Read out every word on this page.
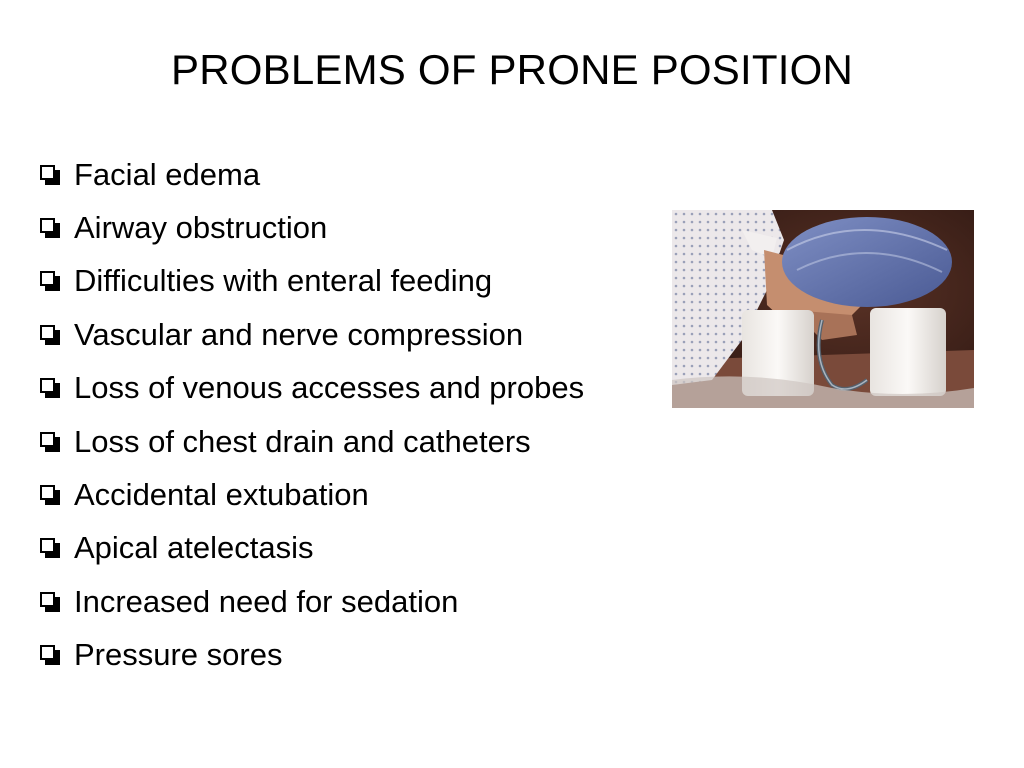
PROBLEMS OF PRONE POSITION
Facial edema
Airway obstruction
Difficulties with enteral feeding
Vascular and nerve compression
Loss of venous accesses and probes
Loss of chest drain and catheters
Accidental extubation
Apical atelectasis
Increased need for sedation
Pressure sores
